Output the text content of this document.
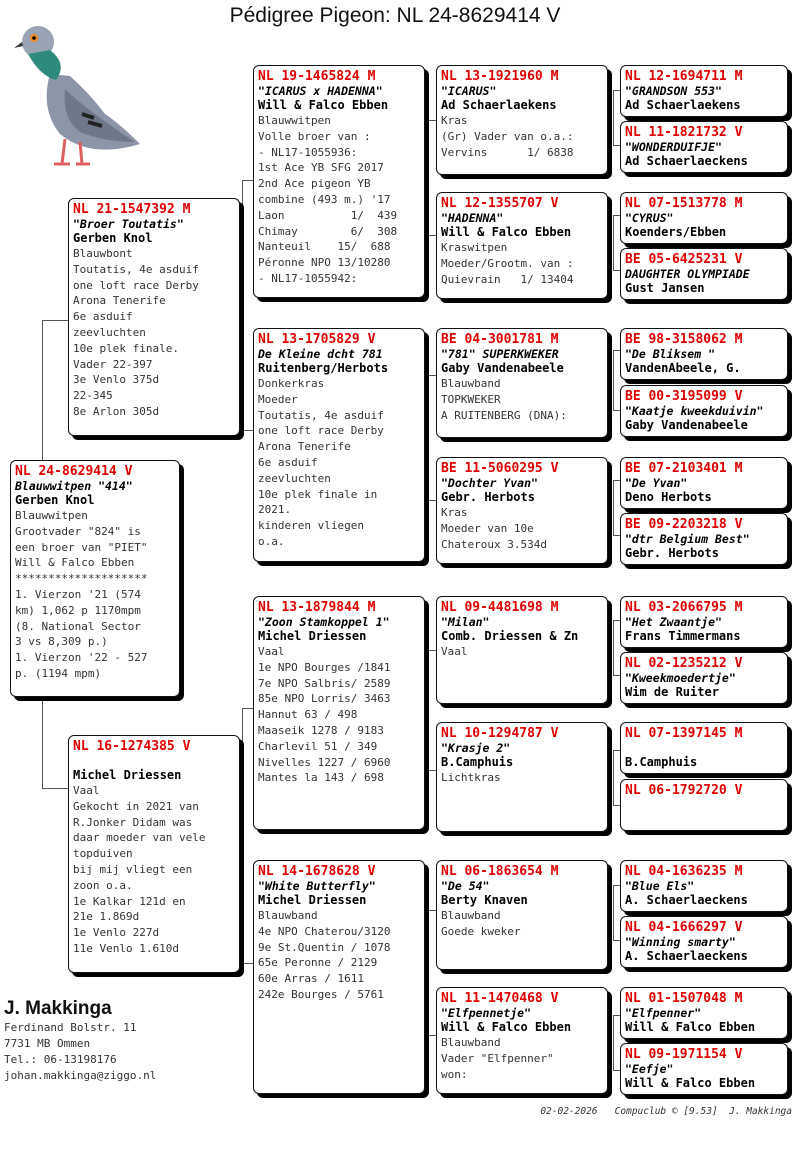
Pédigree Pigeon: NL 24-8629414 V
NL 24-8629414 V
Blauwwitpen "414"
Gerben Knol
Blauwwitpen
Grootvader "824" is
een broer van "PIET"
Will & Falco Ebben
********************
1. Vierzon '21 (574
km) 1,062 p 1170mpm
(8. National Sector
3 vs 8,309 p.)
1. Vierzon '22 - 527
p. (1194 mpm)
NL 21-1547392 M
"Broer Toutatis"
Gerben Knol
Blauwbont
Toutatis, 4e asduif
one loft race Derby
Arona Tenerife
6e asduif
zeevluchten
10e plek finale.
Vader 22-397
3e Venlo 375d
22-345
8e Arlon 305d
NL 16-1274385 V
Michel Driessen
Vaal
Gekocht in 2021 van
R.Jonker Didam was
daar moeder van vele
topduiven
bij mij vliegt een
zoon o.a.
1e Kalkar 121d en
21e 1.869d
1e Venlo 227d
11e Venlo 1.610d
NL 19-1465824 M
"ICARUS x HADENNA"
Will & Falco Ebben
Blauwwitpen
Volle broer van :
- NL17-1055936:
1st Ace YB SFG 2017
2nd Ace pigeon YB
combine (493 m.) '17
Laon          1/  439
Chimay        6/  308
Nanteuil    15/  688
Péronne NPO 13/10280
- NL17-1055942:
NL 13-1705829 V
De Kleine dcht 781
Ruitenberg/Herbots
Donkerkras
Moeder
Toutatis, 4e asduif
one loft race Derby
Arona Tenerife
6e asduif
zeevluchten
10e plek finale in
2021.
kinderen vliegen
o.a.
NL 13-1879844 M
"Zoon Stamkoppel 1"
Michel Driessen
Vaal
1e NPO Bourges /1841
7e NPO Salbris/ 2589
85e NPO Lorris/ 3463
Hannut 63 / 498
Maaseik 1278 / 9183
Charlevil 51 / 349
Nivelles 1227 / 6960
Mantes la 143 / 698
NL 14-1678628 V
"White Butterfly"
Michel Driessen
Blauwband
4e NPO Chaterou/3120
9e St.Quentin / 1078
65e Peronne / 2129
60e Arras / 1611
242e Bourges / 5761
NL 13-1921960 M
"ICARUS"
Ad Schaerlaekens
Kras
(Gr) Vader van o.a.:
Vervins      1/ 6838
NL 12-1355707 V
"HADENNA"
Will & Falco Ebben
Kraswitpen
Moeder/Grootm. van :
Quievrain   1/ 13404
BE 04-3001781 M
"781" SUPERKWEKER
Gaby Vandenabeele
Blauwband
TOPKWEKER
A RUITENBERG (DNA):
BE 11-5060295 V
"Dochter Yvan"
Gebr. Herbots
Kras
Moeder van 10e
Chateroux 3.534d
NL 09-4481698 M
"Milan"
Comb. Driessen & Zn
Vaal
NL 10-1294787 V
"Krasje 2"
B.Camphuis
Lichtkras
NL 06-1863654 M
"De 54"
Berty Knaven
Blauwband
Goede kweker
NL 11-1470468 V
"Elfpennetje"
Will & Falco Ebben
Blauwband
Vader "Elfpenner"
won:
NL 12-1694711 M
"GRANDSON 553"
Ad Schaerlaekens
NL 11-1821732 V
"WONDERDUIFJE"
Ad Schaerlaeckens
NL 07-1513778 M
"CYRUS"
Koenders/Ebben
BE 05-6425231 V
DAUGHTER OLYMPIADE
Gust Jansen
BE 98-3158062 M
"De Bliksem "
VandenAbeele, G.
BE 00-3195099 V
"Kaatje kweekduivin"
Gaby Vandenabeele
BE 07-2103401 M
"De Yvan"
Deno Herbots
BE 09-2203218 V
"dtr Belgium Best"
Gebr. Herbots
NL 03-2066795 M
"Het Zwaantje"
Frans Timmermans
NL 02-1235212 V
"Kweekmoedertje"
Wim de Ruiter
NL 07-1397145 M
B.Camphuis
NL 06-1792720 V
NL 04-1636235 M
"Blue Els"
A. Schaerlaeckens
NL 04-1666297 V
"Winning smarty"
A. Schaerlaeckens
NL 01-1507048 M
"Elfpenner"
Will & Falco Ebben
NL 09-1971154 V
"Eefje"
Will & Falco Ebben
J. Makkinga
Ferdinand Bolstr. 11
7731 MB Ommen
Tel.: 06-13198176
johan.makkinga@ziggo.nl
02-02-2026   Compuclub © [9.53]  J. Makkinga
